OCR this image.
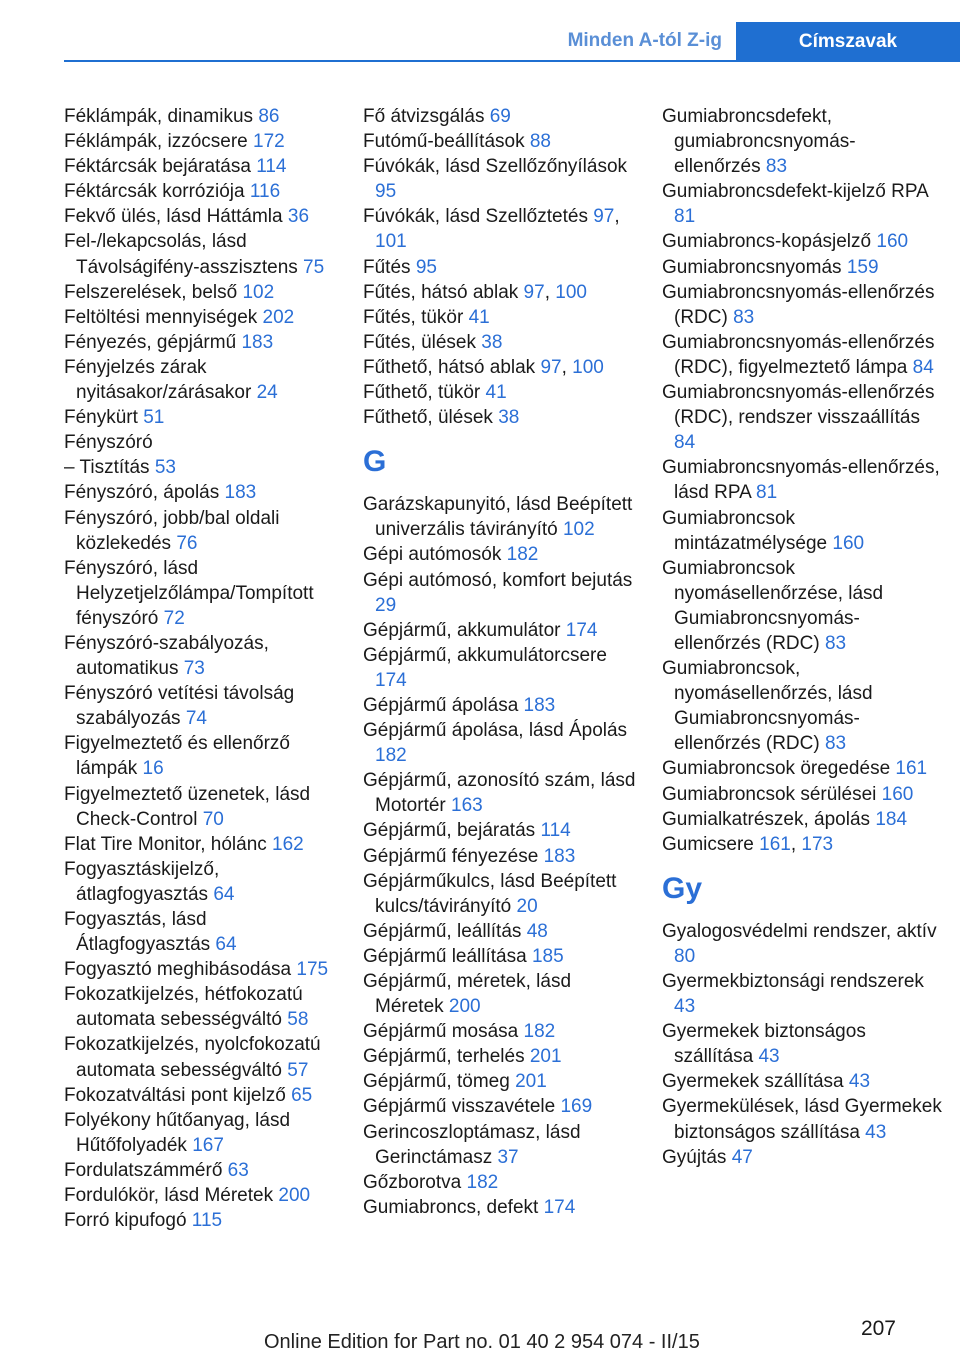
Minden A-tól Z-ig	Címszavak
Féklámpák, dinamikus 86
Féklámpák, izzócsere 172
Féktárcsák bejáratása 114
Féktárcsák korróziója 116
Fekvő ülés, lásd Háttámla 36
Fel-/lekapcsolás, lásd Távolságifény-asszisztens 75
Felszerelések, belső 102
Feltöltési mennyiségek 202
Fényezés, gépjármű 183
Fényjelzés zárak nyitásakor/zárásakor 24
Fénykürt 51
Fényszóró
– Tisztítás 53
Fényszóró, ápolás 183
Fényszóró, jobb/bal oldali közlekedés 76
Fényszóró, lásd Helyzetjelzőlámpa/Tompított fényszóró 72
Fényszóró-szabályozás, automatikus 73
Fényszóró vetítési távolság szabályozás 74
Figyelmeztető és ellenőrző lámpák 16
Figyelmeztető üzenetek, lásd Check-Control 70
Flat Tire Monitor, hólánc 162
Fogyasztáskijelző, átlagfogyasztás 64
Fogyasztás, lásd Átlagfogyasztás 64
Fogyasztó meghibásodása 175
Fokozatkijelzés, hétfokozatú automata sebességváltó 58
Fokozatkijelzés, nyolcfokozatú automata sebességváltó 57
Fokozatváltási pont kijelző 65
Folyékony hűtőanyag, lásd Hűtőfolyadék 167
Fordulatszámmérő 63
Fordulókör, lásd Méretek 200
Forró kipufogó 115
Fő átvizsgálás 69
Futómű-beállítások 88
Fúvókák, lásd Szellőzőnyílások 95
Fúvókák, lásd Szellőztetés 97, 101
Fűtés 95
Fűtés, hátsó ablak 97, 100
Fűtés, tükör 41
Fűtés, ülések 38
Fűthető, hátsó ablak 97, 100
Fűthető, tükör 41
Fűthető, ülések 38
G
Garázskapunyitó, lásd Beépített univerzális távirányító 102
Gépi autómosók 182
Gépi autómosó, komfort bejutás 29
Gépjármű, akkumulátor 174
Gépjármű, akkumulátorcsere 174
Gépjármű ápolása 183
Gépjármű ápolása, lásd Ápolás 182
Gépjármű, azonosító szám, lásd Motortér 163
Gépjármű, bejáratás 114
Gépjármű fényezése 183
Gépjárműkulcs, lásd Beépített kulcs/távirányító 20
Gépjármű, leállítás 48
Gépjármű leállítása 185
Gépjármű, méretek, lásd Méretek 200
Gépjármű mosása 182
Gépjármű, terhelés 201
Gépjármű, tömeg 201
Gépjármű visszavétele 169
Gerincoszloptámasz, lásd Gerinctámasz 37
Gőzborotva 182
Gumiabroncs, defekt 174
Gumiabroncsdefekt, gumiabroncsnyomás-ellenőrzés 83
Gumiabroncsdefekt-kijelző RPA 81
Gumiabroncs-kopásjelző 160
Gumiabroncsnyomás 159
Gumiabroncsnyomás-ellenőrzés (RDC) 83
Gumiabroncsnyomás-ellenőrzés (RDC), figyelmeztető lámpa 84
Gumiabroncsnyomás-ellenőrzés (RDC), rendszer visszaállítás 84
Gumiabroncsnyomás-ellenőrzés, lásd RPA 81
Gumiabroncsok mintázatmélysége 160
Gumiabroncsok nyomásellenőrzése, lásd Gumiabroncsnyomás-ellenőrzés (RDC) 83
Gumiabroncsok, nyomásellenőrzés, lásd Gumiabroncsnyomás-ellenőrzés (RDC) 83
Gumiabroncsok öregedése 161
Gumiabroncsok sérülései 160
Gumialkatrészek, ápolás 184
Gumicsere 161, 173
Gy
Gyalogosvédelmi rendszer, aktív 80
Gyermekbiztonsági rendszerek 43
Gyermekek biztonságos szállítása 43
Gyermekek szállítása 43
Gyermekülések, lásd Gyermekek biztonságos szállítása 43
Gyújtás 47
207
Online Edition for Part no. 01 40 2 954 074 - II/15
